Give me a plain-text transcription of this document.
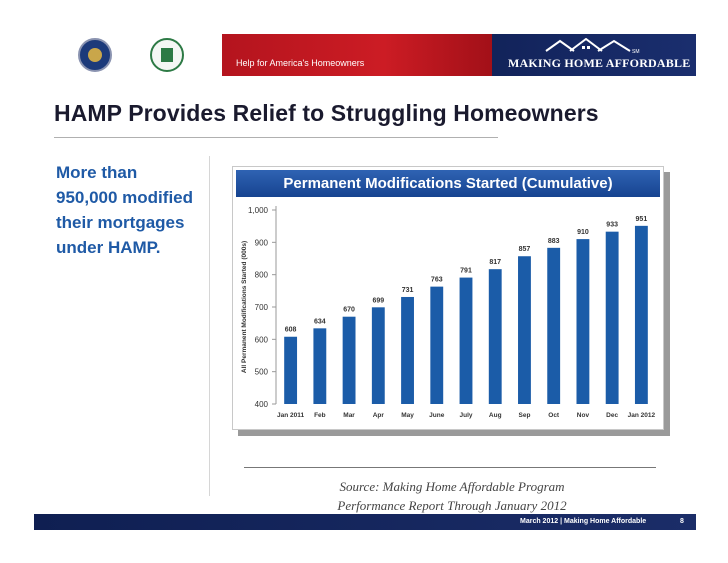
Help for America's Homeowners	MAKING HOME AFFORDABLE
SM
HAMP Provides Relief to Struggling Homeowners
More than 950,000 modified their mortgages under HAMP.
Permanent Modifications Started (Cumulative)
400
500
600
700
800
900
1,000
All Permanent Modifications Started (000s)	608
Jan 2011
634
Feb
670
Mar
699
Apr
731
May
763
June
791
July
817
Aug
857
Sep
883
Oct
910
Nov
933
Dec
951
Jan 2012
Source: Making Home Affordable Program
Performance Report Through January 2012
March 2012 | Making Home Affordable	8
